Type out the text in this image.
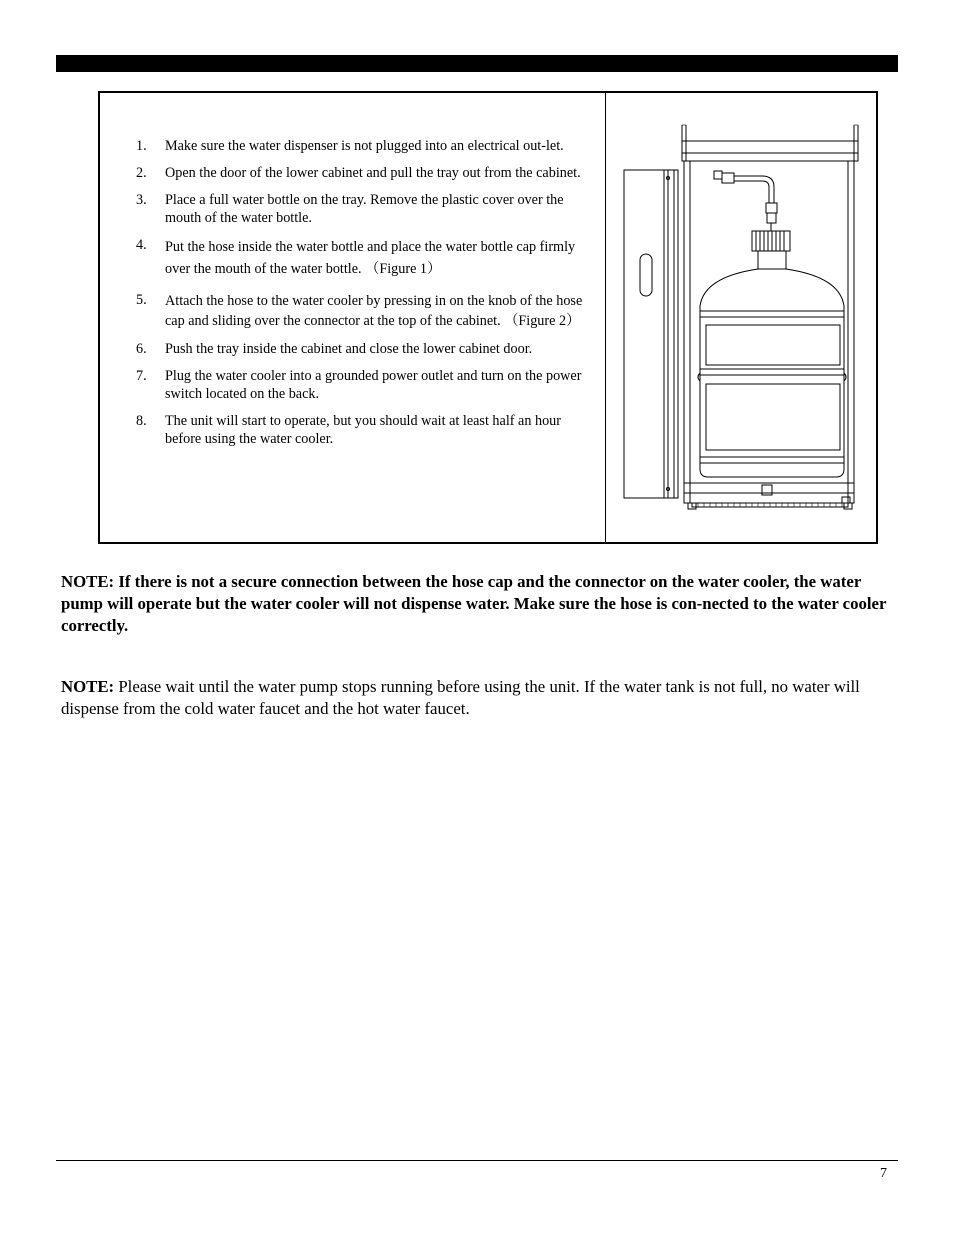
1. Make sure the water dispenser is not plugged into an electrical out-let.
2. Open the door of the lower cabinet and pull the tray out from the cabinet.
3. Place a full water bottle on the tray. Remove the plastic cover over the mouth of the water bottle.
4. Put the hose inside the water bottle and place the water bottle cap firmly over the mouth of the water bottle. （Figure 1）
5. Attach the hose to the water cooler by pressing in on the knob of the hose cap and sliding over the connector at the top of the cabinet. （Figure 2）
6. Push the tray inside the cabinet and close the lower cabinet door.
7. Plug the water cooler into a grounded power outlet and turn on the power switch located on the back.
8. The unit will start to operate, but you should wait at least half an hour before using the water cooler.
NOTE: If there is not a secure connection between the hose cap and the connector on the water cooler, the water pump will operate but the water cooler will not dispense water. Make sure the hose is con-nected to the water cooler correctly.
NOTE: Please wait until the water pump stops running before using the unit. If the water tank is not full, no water will dispense from the cold water faucet and the hot water faucet.
7
